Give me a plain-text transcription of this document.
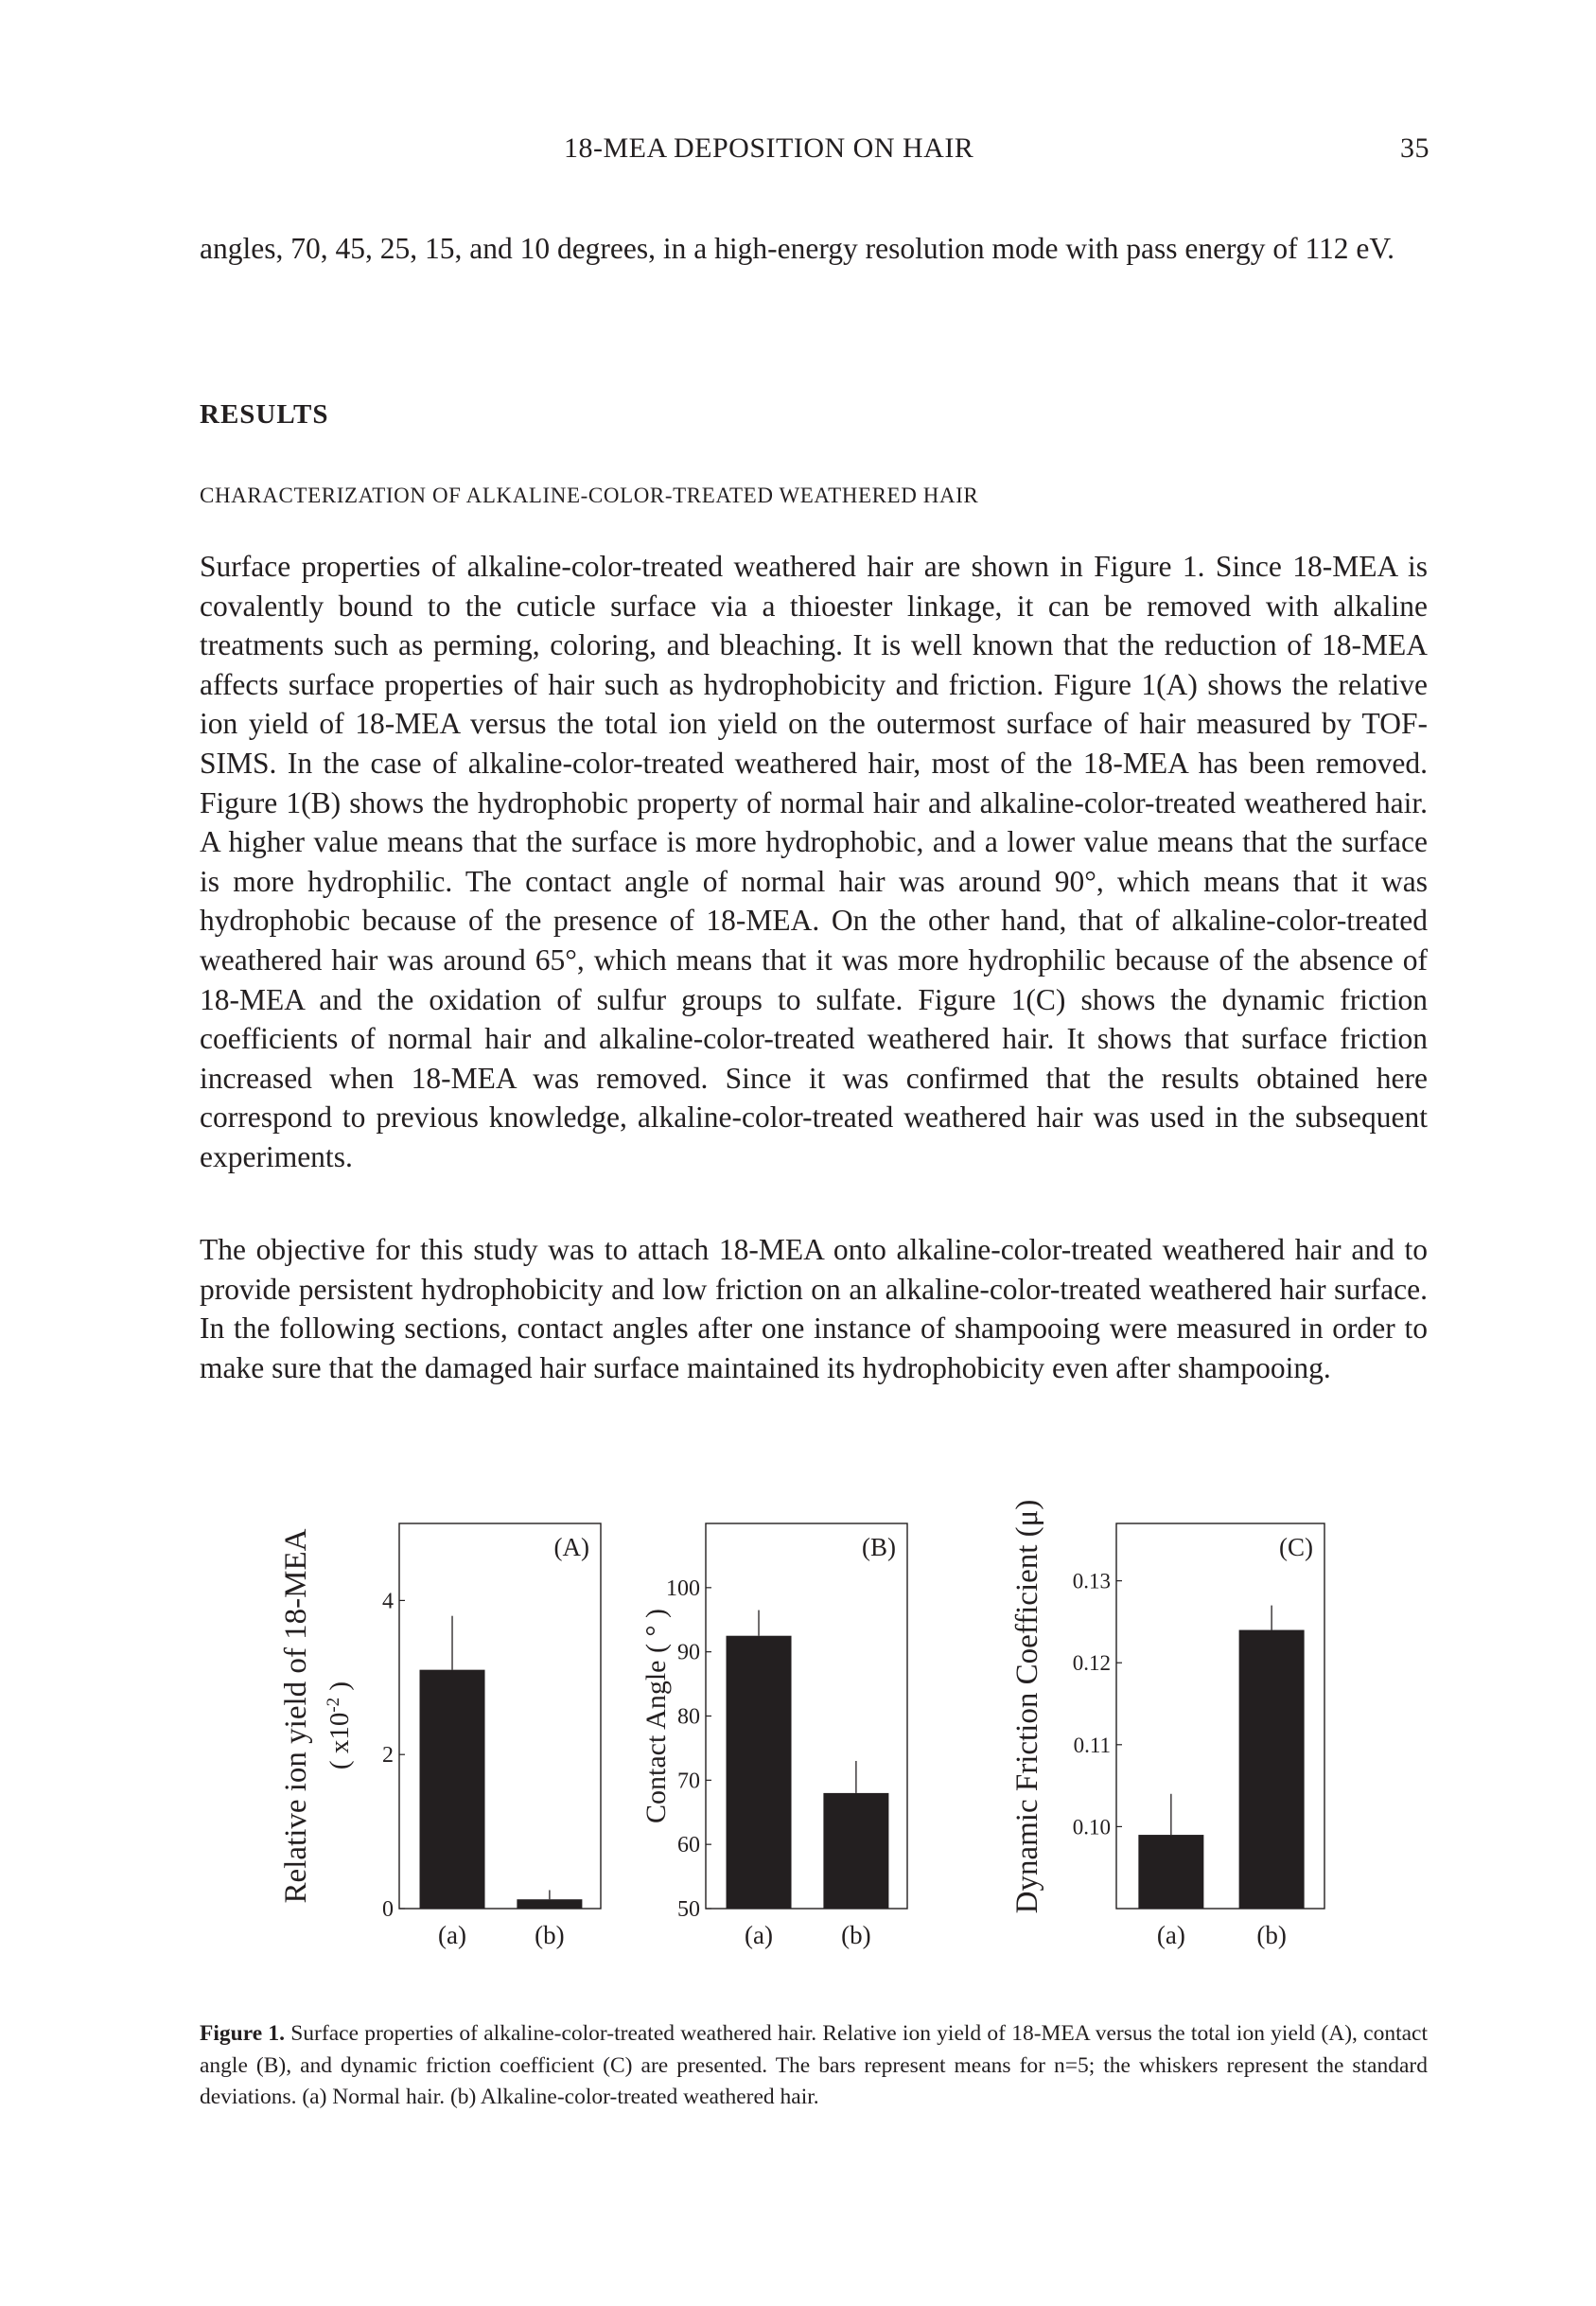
18-MEA DEPOSITION ON HAIR	35

angles, 70, 45, 25, 15, and 10 degrees, in a high-energy resolution mode with pass energy of 112 eV.

RESULTS

CHARACTERIZATION OF ALKALINE-COLOR-TREATED WEATHERED HAIR

Surface properties of alkaline-color-treated weathered hair are shown in Figure 1. Since 18-MEA is covalently bound to the cuticle surface via a thioester linkage, it can be removed with alkaline treatments such as perming, coloring, and bleaching. It is well known that the reduction of 18-MEA affects surface properties of hair such as hydrophobicity and friction. Figure 1(A) shows the relative ion yield of 18-MEA versus the total ion yield on the outermost surface of hair measured by TOF-SIMS. In the case of alkaline-color-treated weathered hair, most of the 18-MEA has been removed. Figure 1(B) shows the hydrophobic property of normal hair and alkaline-color-treated weathered hair. A higher value means that the surface is more hydrophobic, and a lower value means that the surface is more hydrophilic. The contact angle of normal hair was around 90°, which means that it was hydrophobic because of the presence of 18-MEA. On the other hand, that of alkaline-color-treated weathered hair was around 65°, which means that it was more hydrophilic because of the absence of 18-MEA and the oxidation of sulfur groups to sulfate. Figure 1(C) shows the dynamic friction coefficients of normal hair and alkaline-color-treated weathered hair. It shows that surface friction increased when 18-MEA was removed. Since it was confirmed that the results obtained here correspond to previous knowledge, alkaline-color-treated weathered hair was used in the subsequent experiments.

The objective for this study was to attach 18-MEA onto alkaline-color-treated weathered hair and to provide persistent hydrophobicity and low friction on an alkaline-color-treated weathered hair surface. In the following sections, contact angles after one instance of shampooing were measured in order to make sure that the damaged hair surface maintained its hydrophobicity even after shampooing.

0
2
4
(a)	(b)
(A)
Relative ion yield of 18-MEA ( $x10^{-2}$ )
50
60
70
80
90
100
(a)	(b)
(B)
Contact Angle ( ° )
0.10
0.11
0.12
0.13
(a)	(b)
(C)
Dynamic Friction Coefficient (μ)

Figure 1. Surface properties of alkaline-color-treated weathered hair. Relative ion yield of 18-MEA versus the total ion yield (A), contact angle (B), and dynamic friction coefficient (C) are presented. The bars represent means for n=5; the whiskers represent the standard deviations. (a) Normal hair. (b) Alkaline-color-treated weathered hair.
